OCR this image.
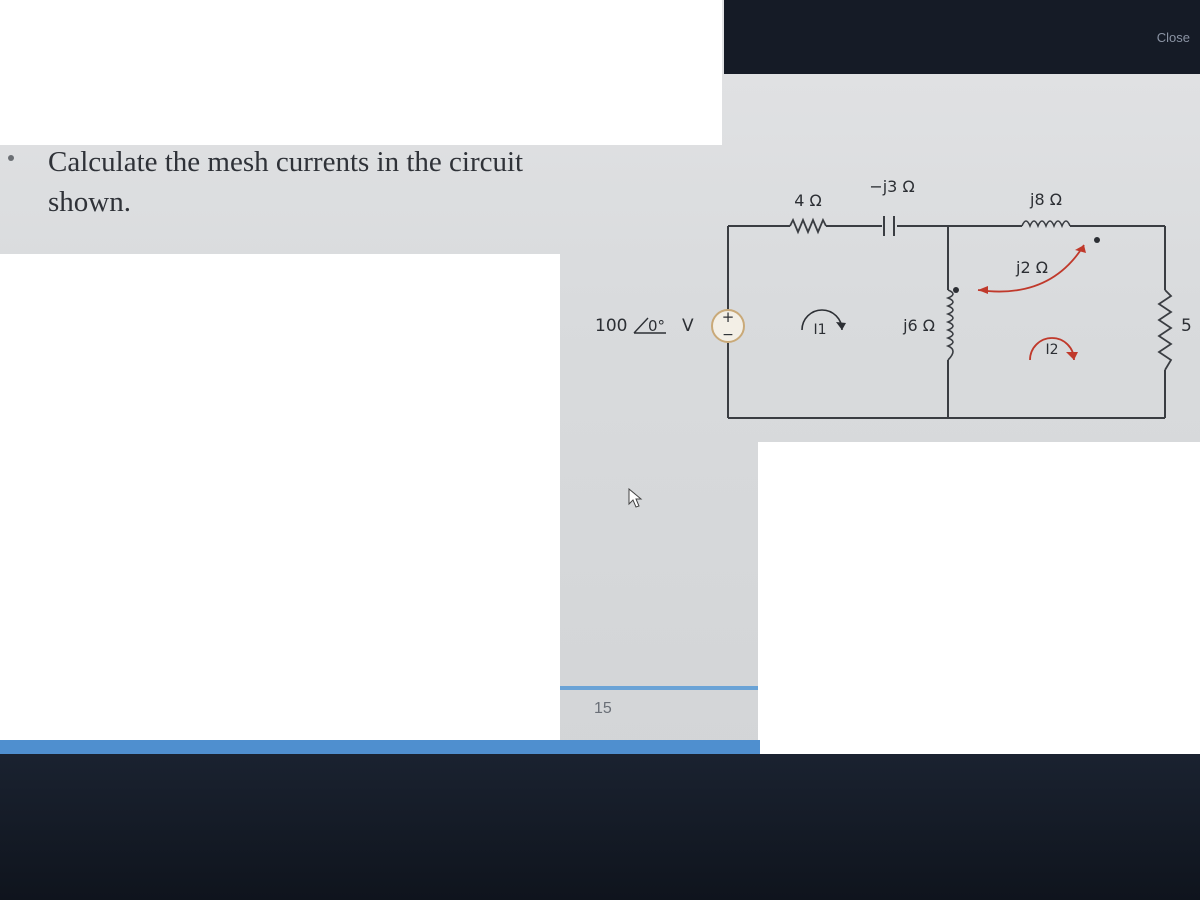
Close
Calculate the mesh currents in the circuit shown.
+
−
100 0° V
4 Ω
−j3 Ω
j8 Ω
j6 Ω
j2 Ω
5
I1
I2
15
